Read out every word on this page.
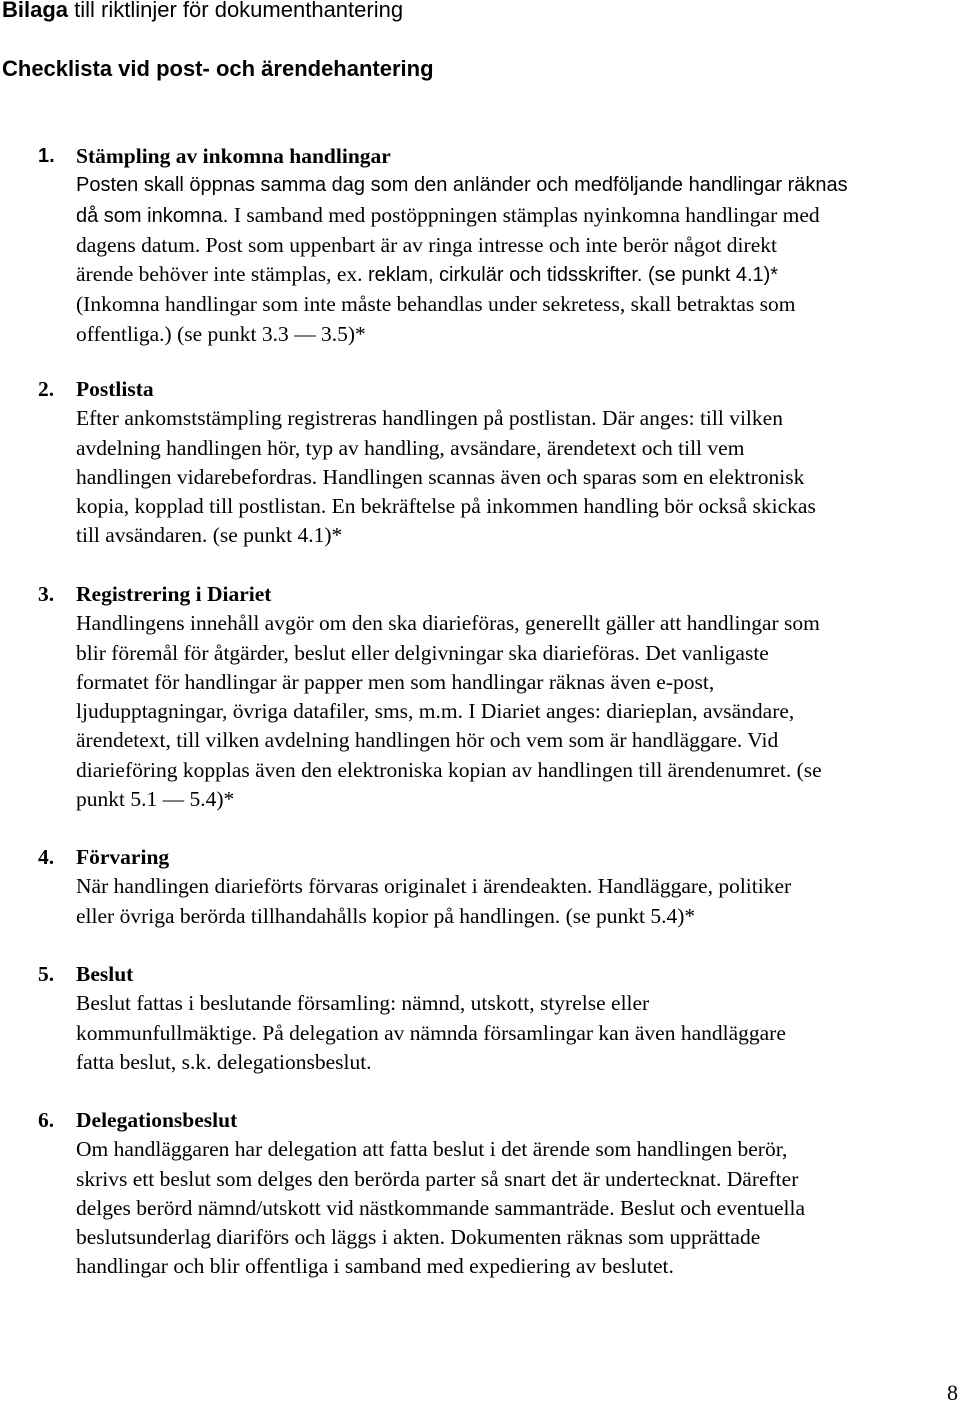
Bilaga till riktlinjer för dokumenthantering
Checklista vid post- och ärendehantering
1. Stämpling av inkomna handlingar
Posten skall öppnas samma dag som den anländer och medföljande handlingar räknas
då som inkomna. I samband med postöppningen stämplas nyinkomna handlingar med
dagens datum. Post som uppenbart är av ringa intresse och inte berör något direkt
ärende behöver inte stämplas, ex. reklam, cirkulär och tidsskrifter. (se punkt 4.1)*
(Inkomna handlingar som inte måste behandlas under sekretess, skall betraktas som
offentliga.) (se punkt 3.3 — 3.5)*
2.	Postlista
Efter ankomststämpling registreras handlingen på postlistan. Där anges: till vilken
avdelning handlingen hör, typ av handling, avsändare, ärendetext och till vem
handlingen vidarebefordras. Handlingen scannas även och sparas som en elektronisk
kopia, kopplad till postlistan. En bekräftelse på inkommen handling bör också skickas
till avsändaren. (se punkt 4.1)*
3.	Registrering i Diariet
Handlingens innehåll avgör om den ska diarieföras, generellt gäller att handlingar som
blir föremål för åtgärder, beslut eller delgivningar ska diarieföras. Det vanligaste
formatet för handlingar är papper men som handlingar räknas även e-post,
ljudupptagningar, övriga datafiler, sms, m.m. I Diariet anges: diarieplan, avsändare,
ärendetext, till vilken avdelning handlingen hör och vem som är handläggare. Vid
diarieföring kopplas även den elektroniska kopian av handlingen till ärendenumret. (se
punkt 5.1 — 5.4)*
4.	Förvaring
När handlingen diarieförts förvaras originalet i ärendeakten. Handläggare, politiker
eller övriga berörda tillhandahålls kopior på handlingen. (se punkt 5.4)*
5.	Beslut
Beslut fattas i beslutande församling: nämnd, utskott, styrelse eller
kommunfullmäktige. På delegation av nämnda församlingar kan även handläggare
fatta beslut, s.k. delegationsbeslut.
6.	Delegationsbeslut
Om handläggaren har delegation att fatta beslut i det ärende som handlingen berör,
skrivs ett beslut som delges den berörda parter så snart det är undertecknat. Därefter
delges berörd nämnd/utskott vid nästkommande sammanträde. Beslut och eventuella
beslutsunderlag diariförs och läggs i akten. Dokumenten räknas som upprättade
handlingar och blir offentliga i samband med expediering av beslutet.
8
